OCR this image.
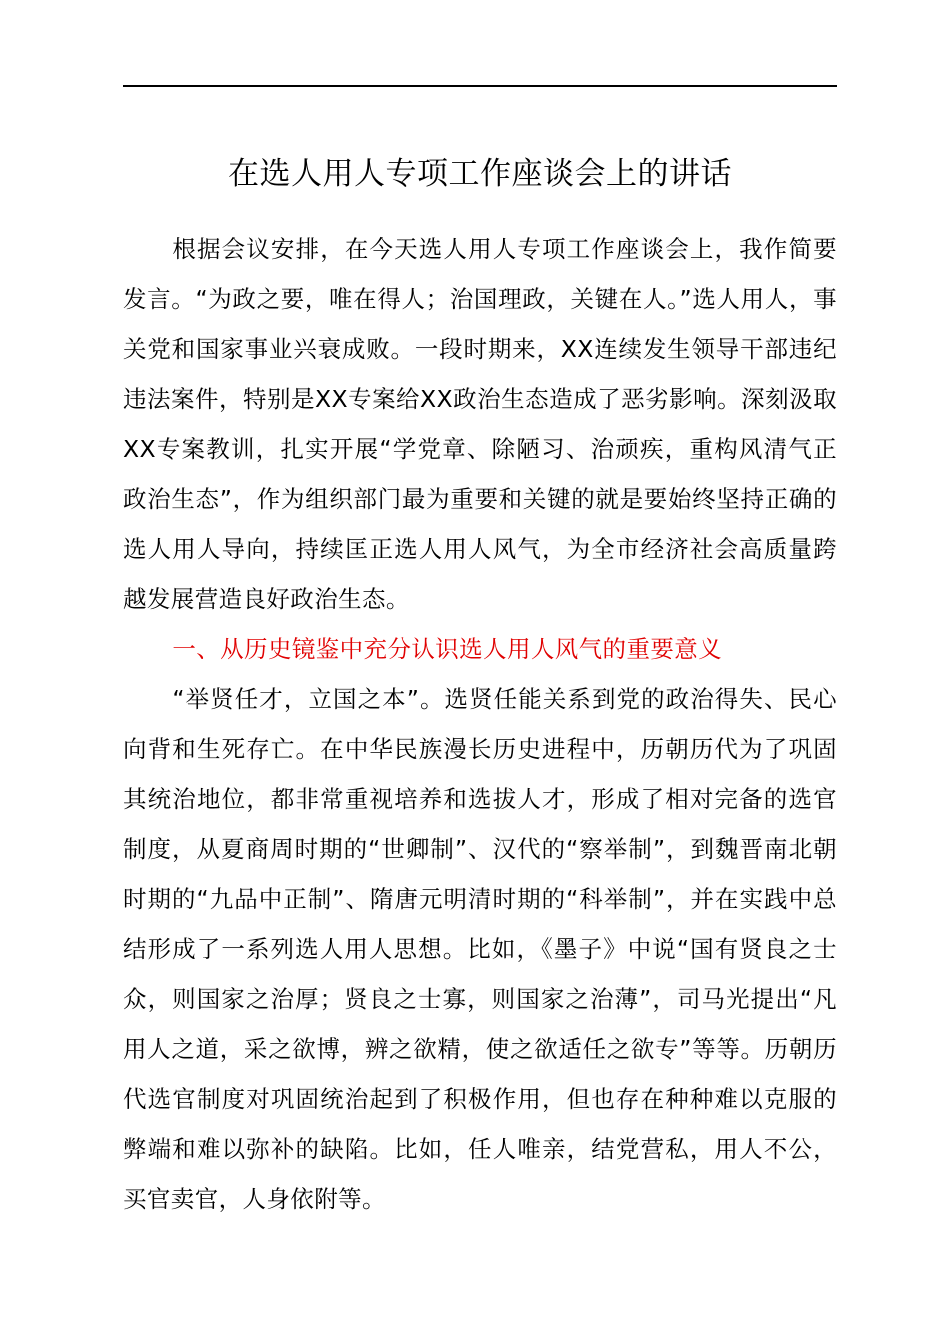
在选人用人专项工作座谈会上的讲话

根据会议安排，在今天选人用人专项工作座谈会上，我作简要发言。“为政之要，唯在得人；治国理政，关键在人。”选人用人，事关党和国家事业兴衰成败。一段时期来，XX连续发生领导干部违纪违法案件，特别是XX专案给XX政治生态造成了恶劣影响。深刻汲取XX专案教训，扎实开展“学党章、除陋习、治顽疾，重构风清气正政治生态”，作为组织部门最为重要和关键的就是要始终坚持正确的选人用人导向，持续匡正选人用人风气，为全市经济社会高质量跨越发展营造良好政治生态。

一、从历史镜鉴中充分认识选人用人风气的重要意义

“举贤任才，立国之本”。选贤任能关系到党的政治得失、民心向背和生死存亡。在中华民族漫长历史进程中，历朝历代为了巩固其统治地位，都非常重视培养和选拔人才，形成了相对完备的选官制度，从夏商周时期的“世卿制”、汉代的“察举制”，到魏晋南北朝时期的“九品中正制”、隋唐元明清时期的“科举制”，并在实践中总结形成了一系列选人用人思想。比如，《墨子》中说“国有贤良之士众，则国家之治厚；贤良之士寡，则国家之治薄”，司马光提出“凡用人之道，采之欲博，辨之欲精，使之欲适任之欲专”等等。历朝历代选官制度对巩固统治起到了积极作用，但也存在种种难以克服的弊端和难以弥补的缺陷。比如，任人唯亲，结党营私，用人不公，买官卖官，人身依附等。
